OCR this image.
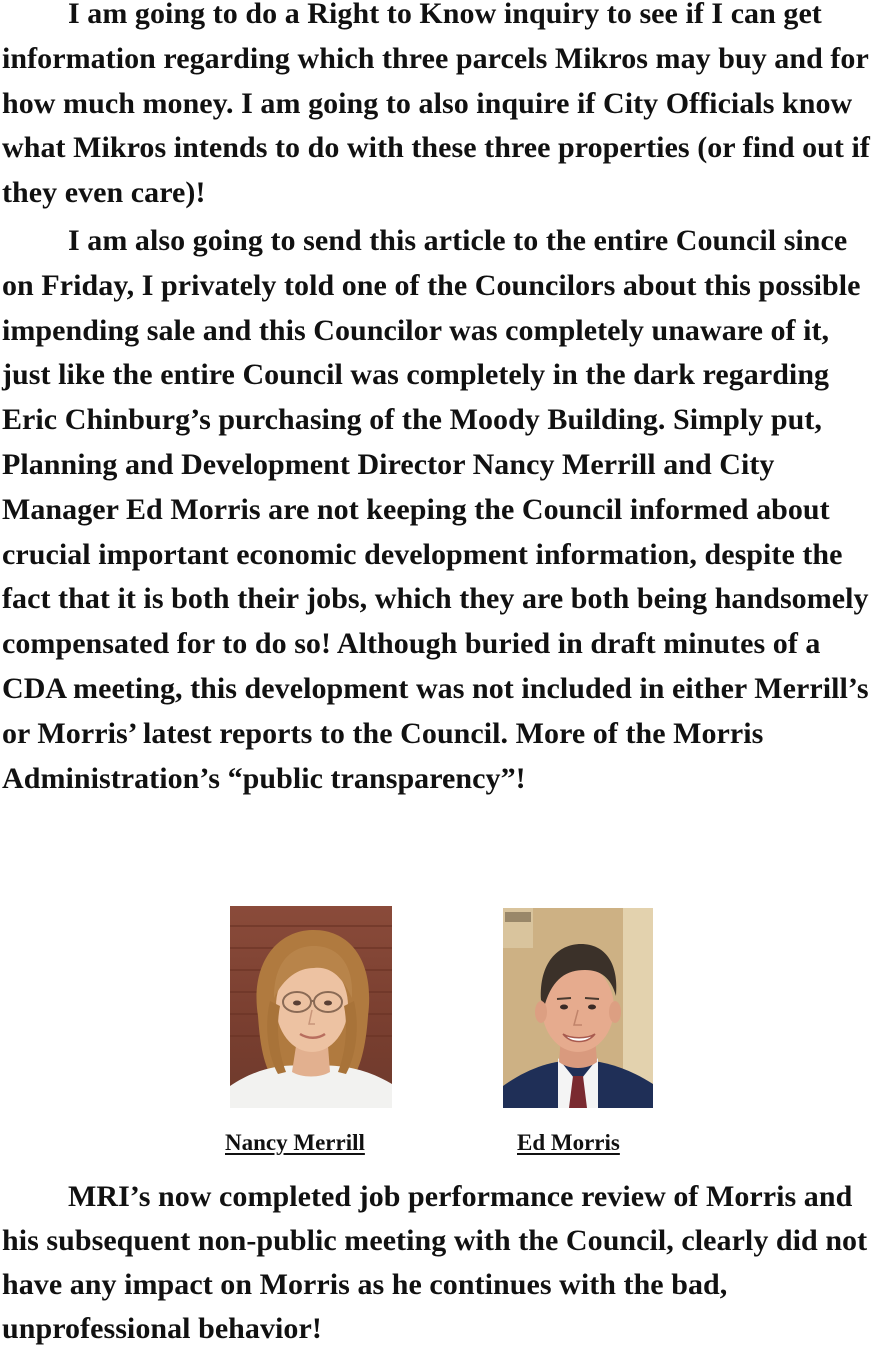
I am going to do a Right to Know inquiry to see if I can get information regarding which three parcels Mikros may buy and for how much money. I am going to also inquire if City Officials know what Mikros intends to do with these three properties (or find out if they even care)!

I am also going to send this article to the entire Council since on Friday, I privately told one of the Councilors about this possible impending sale and this Councilor was completely unaware of it, just like the entire Council was completely in the dark regarding Eric Chinburg’s purchasing of the Moody Building. Simply put, Planning and Development Director Nancy Merrill and City Manager Ed Morris are not keeping the Council informed about crucial important economic development information, despite the fact that it is both their jobs, which they are both being handsomely compensated for to do so! Although buried in draft minutes of a CDA meeting, this development was not included in either Merrill’s or Morris’ latest reports to the Council. More of the Morris Administration’s “public transparency”!

Nancy Merrill	Ed Morris

MRI’s now completed job performance review of Morris and his subsequent non-public meeting with the Council, clearly did not have any impact on Morris as he continues with the bad, unprofessional behavior!
